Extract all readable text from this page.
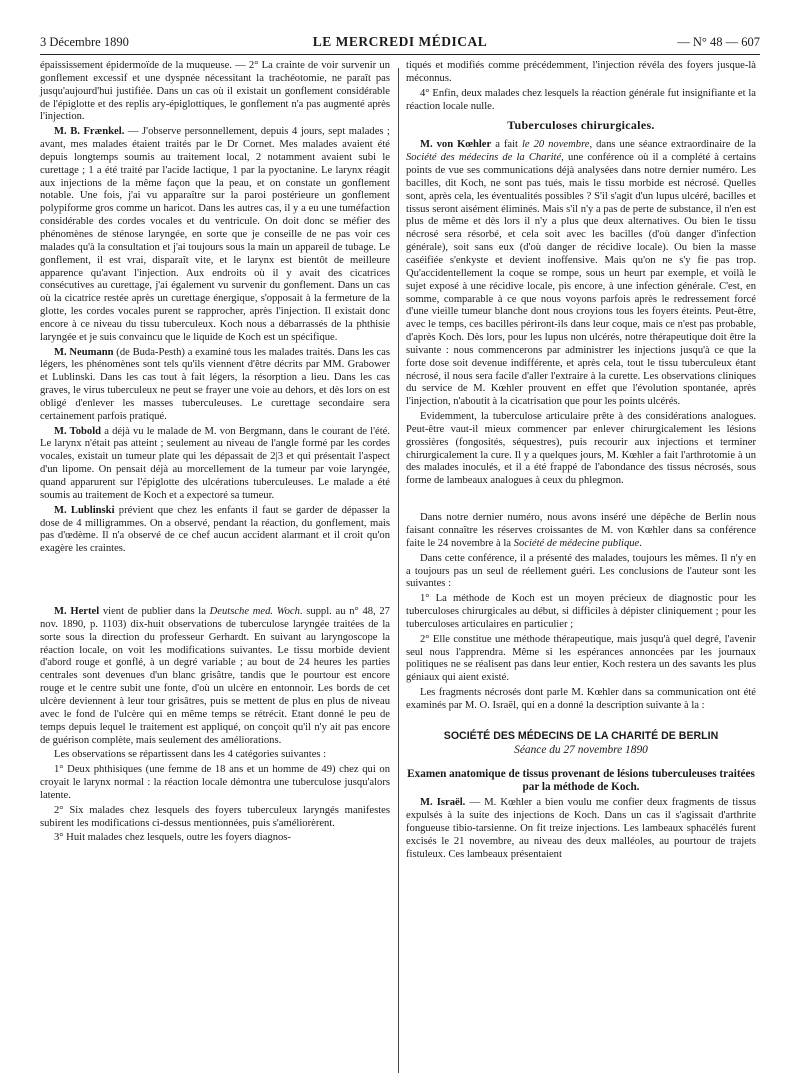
LE MERCREDI MÉDICAL
3 Décembre 1890	— N° 48 — 607

épaississement épidermoïde de la muqueuse. — 2° La crainte de voir survenir un gonflement excessif et une dyspnée nécessitant la trachéotomie, ne paraît pas jusqu'aujourd'hui justifiée. Dans un cas où il existait un gonflement considérable de l'épiglotte et des replis ary-épiglottiques, le gonflement n'a pas augmenté après l'injection.

M. B. Frænkel. — J'observe personnellement, depuis 4 jours, sept malades ; avant, mes malades étaient traités par le Dr Cornet. Mes malades avaient été depuis longtemps soumis au traitement local, 2 notamment avaient subi le curettage ; 1 a été traité par l'acide lactique, 1 par la pyoctanine. Le larynx réagit aux injections de la même façon que la peau, et on constate un gonflement notable. Une fois, j'ai vu apparaître sur la paroi postérieure un gonflement polypiforme gros comme un haricot. Dans les autres cas, il y a eu une tuméfaction considérable des cordes vocales et du ventricule. On doit donc se méfier des phénomènes de sténose laryngée, en sorte que je conseille de ne pas voir ces malades qu'à la consultation et j'ai toujours sous la main un appareil de tubage. Le gonflement, il est vrai, disparaît vite, et le larynx est bientôt de meilleure apparence qu'avant l'injection. Aux endroits où il y avait des cicatrices consécutives au curettage, j'ai également vu survenir du gonflement. Dans un cas où la cicatrice restée après un curettage énergique, s'opposait à la fermeture de la glotte, les cordes vocales purent se rapprocher, après l'injection. Il existait donc encore à ce niveau du tissu tuberculeux. Koch nous a débarrassés de la phthisie laryngée et je suis convaincu que le liquide de Koch est un spécifique.

M. Neumann (de Buda-Pesth) a examiné tous les malades traités. Dans les cas légers, les phénomènes sont tels qu'ils viennent d'être décrits par MM. Grabower et Lublinski. Dans les cas tout à fait légers, la résorption a lieu. Dans les cas graves, le virus tuberculeux ne peut se frayer une voie au dehors, et dès lors on est obligé d'enlever les masses tuberculeuses. Le curettage secondaire sera certainement parfois pratiqué.

M. Tobold a déjà vu le malade de M. von Bergmann, dans le courant de l'été. Le larynx n'était pas atteint ; seulement au niveau de l'angle formé par les cordes vocales, existait un tumeur plate qui les dépassait de 2|3 et qui présentait l'aspect d'un lipome. On pensait déjà au morcellement de la tumeur par voie laryngée, quand apparurent sur l'épiglotte des ulcérations tuberculeuses. Le malade a été soumis au traitement de Koch et a expectoré sa tumeur.

M. Lublinski prévient que chez les enfants il faut se garder de dépasser la dose de 4 milligrammes. On a observé, pendant la réaction, du gonflement, mais pas d'œdème. Il n'a observé de ce chef aucun accident alarmant et il croit qu'on exagère les craintes.

M. Hertel vient de publier dans la Deutsche med. Woch. suppl. au n° 48, 27 nov. 1890, p. 1103) dix-huit observations de tuberculose laryngée traitées de la sorte sous la direction du professeur Gerhardt. En suivant au laryngoscope la réaction locale, on voit les modifications suivantes. Le tissu morbide devient d'abord rouge et gonflé, à un degré variable ; au bout de 24 heures les parties centrales sont devenues d'un blanc grisâtre, tandis que le pourtour est encore rouge et le centre subit une fonte, d'où un ulcère en entonnoir. Les bords de cet ulcère deviennent à leur tour grisâtres, puis se mettent de plus en plus de niveau avec le fond de l'ulcère qui en même temps se rétrécit. Etant donné le peu de temps depuis lequel le traitement est appliqué, on conçoit qu'il n'y ait pas encore de guérison complète, mais seulement des améliorations.

Les observations se répartissent dans les 4 catégories suivantes :

1° Deux phthisiques (une femme de 18 ans et un homme de 49) chez qui on croyait le larynx normal : la réaction locale démontra une tuberculose jusqu'alors latente.

2° Six malades chez lesquels des foyers tuberculeux laryngés manifestes subirent les modifications ci-dessus mentionnées, puis s'améliorèrent.

3° Huit malades chez lesquels, outre les foyers diagnos-

tiqués et modifiés comme précédemment, l'injection révéla des foyers jusque-là méconnus.

4° Enfin, deux malades chez lesquels la réaction générale fut insignifiante et la réaction locale nulle.

Tuberculoses chirurgicales.

M. von Kœhler a fait le 20 novembre, dans une séance extraordinaire de la Société des médecins de la Charité, une conférence où il a complété à certains points de vue ses communications déjà analysées dans notre dernier numéro. Les bacilles, dit Koch, ne sont pas tués, mais le tissu morbide est nécrosé. Quelles sont, après cela, les éventualités possibles ? S'il s'agit d'un lupus ulcéré, bacilles et tissus seront aisément éliminés. Mais s'il n'y a pas de perte de substance, il n'en est plus de même et dès lors il n'y a plus que deux alternatives. Ou bien le tissu nécrosé sera résorbé, et cela soit avec les bacilles (d'où danger d'infection générale), soit sans eux (d'où danger de récidive locale). Ou bien la masse caséifiée s'enkyste et devient inoffensive. Mais qu'on ne s'y fie pas trop. Qu'accidentellement la coque se rompe, sous un heurt par exemple, et voilà le sujet exposé à une récidive locale, pis encore, à une infection générale. C'est, en somme, comparable à ce que nous voyons parfois après le redressement forcé d'une vieille tumeur blanche dont nous croyions tous les foyers éteints. Peut-être, avec le temps, ces bacilles périront-ils dans leur coque, mais ce n'est pas probable, d'après Koch. Dès lors, pour les lupus non ulcérés, notre thérapeutique doit être la suivante : nous commencerons par administrer les injections jusqu'à ce que la forte dose soit devenue indifférente, et après cela, tout le tissu tuberculeux étant nécrosé, il nous sera facile d'aller l'extraire à la curette. Les observations cliniques du service de M. Kœhler prouvent en effet que l'évolution spontanée, après l'injection, n'aboutit à la cicatrisation que pour les points ulcérés.

Evidemment, la tuberculose articulaire prête à des considérations analogues. Peut-être vaut-il mieux commencer par enlever chirurgicalement les lésions grossières (fongosités, séquestres), puis recourir aux injections et terminer chirurgicalement la cure. Il y a quelques jours, M. Kœhler a fait l'arthrotomie à un des malades inoculés, et il a été frappé de l'abondance des tissus nécrosés, sous forme de lambeaux analogues à ceux du phlegmon.

Dans notre dernier numéro, nous avons inséré une dépêche de Berlin nous faisant connaître les réserves croissantes de M. von Kœhler dans sa conférence faite le 24 novembre à la Société de médecine publique.

Dans cette conférence, il a présenté des malades, toujours les mêmes. Il n'y en a toujours pas un seul de réellement guéri. Les conclusions de l'auteur sont les suivantes :

1° La méthode de Koch est un moyen précieux de diagnostic pour les tuberculoses chirurgicales au début, si difficiles à dépister cliniquement ; pour les tuberculoses articulaires en particulier ;

2° Elle constitue une méthode thérapeutique, mais jusqu'à quel degré, l'avenir seul nous l'apprendra. Même si les espérances annoncées par les journaux politiques ne se réalisent pas dans leur entier, Koch restera un des savants les plus géniaux qui aient existé.

Les fragments nécrosés dont parle M. Kœhler dans sa communication ont été examinés par M. O. Israël, qui en a donné la description suivante à la :

SOCIÉTÉ DES MÉDECINS DE LA CHARITÉ DE BERLIN
Séance du 27 novembre 1890
Examen anatomique de tissus provenant de lésions tuberculeuses traitées par la méthode de Koch.

M. Israël. — M. Kœhler a bien voulu me confier deux fragments de tissus expulsés à la suite des injections de Koch. Dans un cas il s'agissait d'arthrite fongueuse tibio-tarsienne. On fit treize injections. Les lambeaux sphacélés furent excisés le 21 novembre, au niveau des deux malléoles, au pourtour de trajets fistuleux. Ces lambeaux présentaient
